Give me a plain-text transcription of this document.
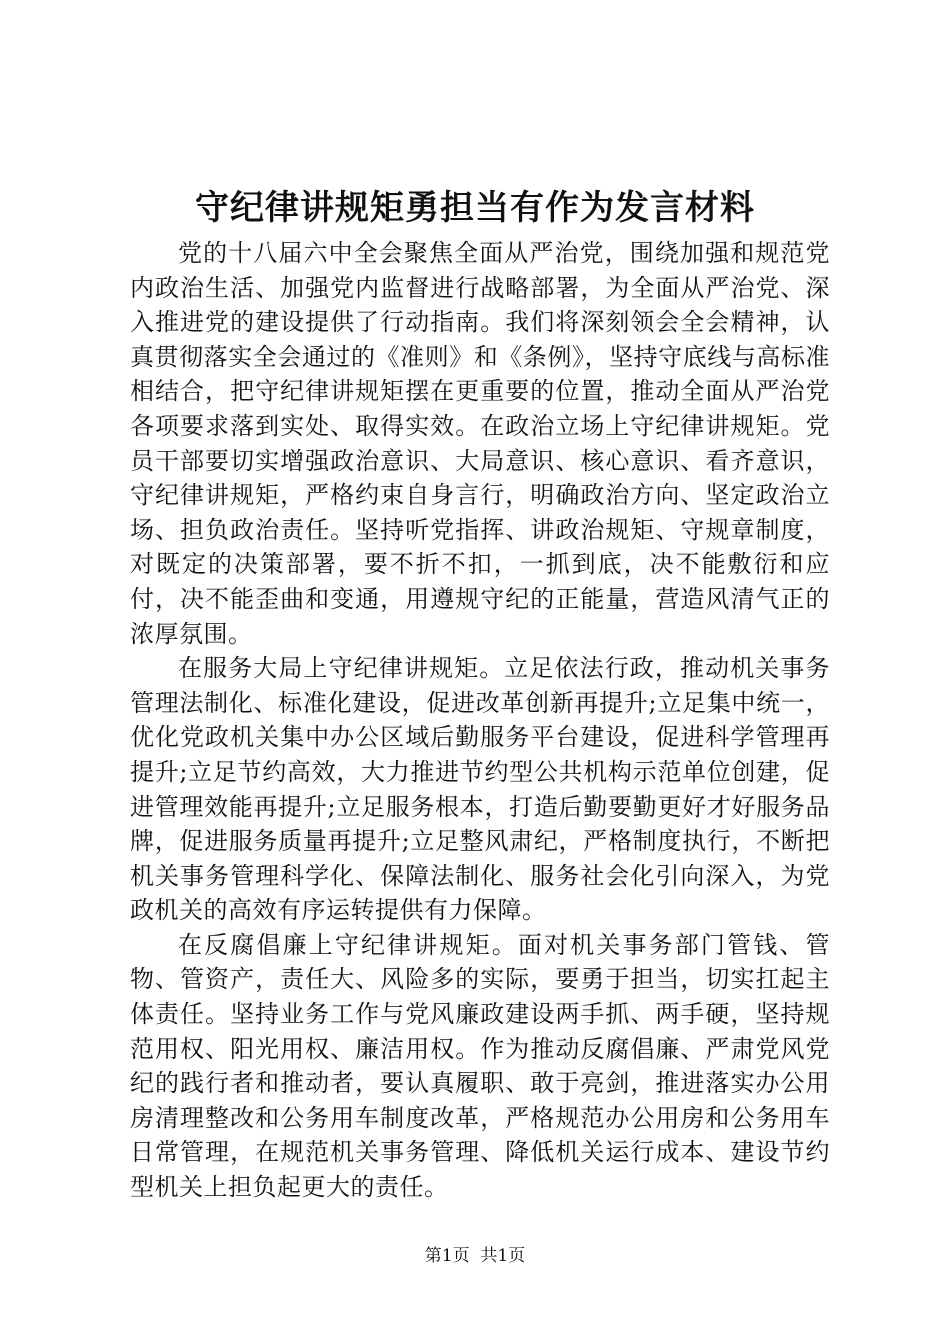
守纪律讲规矩勇担当有作为发言材料

党的十八届六中全会聚焦全面从严治党，围绕加强和规范党内政治生活、加强党内监督进行战略部署，为全面从严治党、深入推进党的建设提供了行动指南。我们将深刻领会全会精神，认真贯彻落实全会通过的《准则》和《条例》，坚持守底线与高标准相结合，把守纪律讲规矩摆在更重要的位置，推动全面从严治党各项要求落到实处、取得实效。在政治立场上守纪律讲规矩。党员干部要切实增强政治意识、大局意识、核心意识、看齐意识，守纪律讲规矩，严格约束自身言行，明确政治方向、坚定政治立场、担负政治责任。坚持听党指挥、讲政治规矩、守规章制度，对既定的决策部署，要不折不扣，一抓到底，决不能敷衍和应付，决不能歪曲和变通，用遵规守纪的正能量，营造风清气正的浓厚氛围。

在服务大局上守纪律讲规矩。立足依法行政，推动机关事务管理法制化、标准化建设，促进改革创新再提升;立足集中统一，优化党政机关集中办公区域后勤服务平台建设，促进科学管理再提升;立足节约高效，大力推进节约型公共机构示范单位创建，促进管理效能再提升;立足服务根本，打造后勤要勤更好才好服务品牌，促进服务质量再提升;立足整风肃纪，严格制度执行，不断把机关事务管理科学化、保障法制化、服务社会化引向深入，为党政机关的高效有序运转提供有力保障。

在反腐倡廉上守纪律讲规矩。面对机关事务部门管钱、管物、管资产，责任大、风险多的实际，要勇于担当，切实扛起主体责任。坚持业务工作与党风廉政建设两手抓、两手硬，坚持规范用权、阳光用权、廉洁用权。作为推动反腐倡廉、严肃党风党纪的践行者和推动者，要认真履职、敢于亮剑，推进落实办公用房清理整改和公务用车制度改革，严格规范办公用房和公务用车日常管理，在规范机关事务管理、降低机关运行成本、建设节约型机关上担负起更大的责任。

第1页 共1页
